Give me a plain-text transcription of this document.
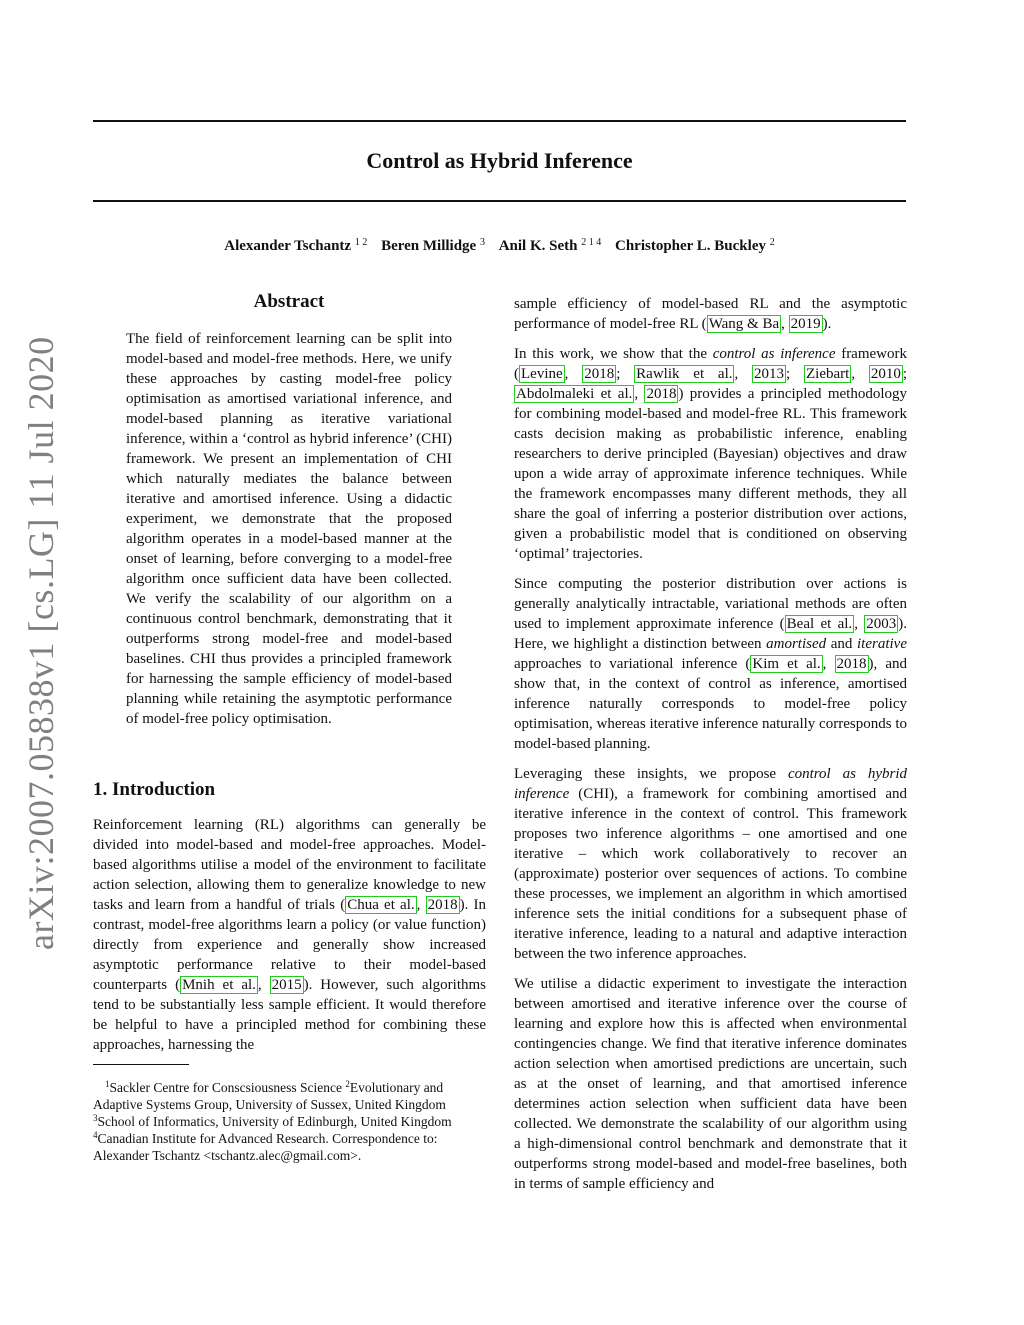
Control as Hybrid Inference
Alexander Tschantz $^{1 2}$ Beren Millidge $^3$ Anil K. Seth $^{2 1 4}$ Christopher L. Buckley $^2$
arXiv:2007.05838v1 [cs.LG] 11 Jul 2020
Abstract
The field of reinforcement learning can be split into model-based and model-free methods. Here, we unify these approaches by casting model-free policy optimisation as amortised variational inference, and model-based planning as iterative variational inference, within a ‘control as hybrid inference’ (CHI) framework. We present an implementation of CHI which naturally mediates the balance between iterative and amortised inference. Using a didactic experiment, we demonstrate that the proposed algorithm operates in a model-based manner at the onset of learning, before converging to a model-free algorithm once sufficient data have been collected. We verify the scalability of our algorithm on a continuous control benchmark, demonstrating that it outperforms strong model-free and model-based baselines. CHI thus provides a principled framework for harnessing the sample efficiency of model-based planning while retaining the asymptotic performance of model-free policy optimisation.
1. Introduction
Reinforcement learning (RL) algorithms can generally be divided into model-based and model-free approaches. Model-based algorithms utilise a model of the environment to facilitate action selection, allowing them to generalize knowledge to new tasks and learn from a handful of trials ( Chua et al. , 2018 ). In contrast, model-free algorithms learn a policy (or value function) directly from experience and generally show increased asymptotic performance relative to their model-based counterparts ( Mnih et al. , 2015 ). However, such algorithms tend to be substantially less sample efficient. It would therefore be helpful to have a principled method for combining these approaches, harnessing the
$^1$Sackler Centre for Conscsiousness Science $^2$Evolutionary and Adaptive Systems Group, University of Sussex, United Kingdom
$^3$School of Informatics, University of Edinburgh, United Kingdom
$^4$Canadian Institute for Advanced Research. Correspondence to: Alexander Tschantz <tschantz.alec@gmail.com>.

sample efficiency of model-based RL and the asymptotic performance of model-free RL ( Wang & Ba , 2019 ).

In this work, we show that the control as inference framework ( Levine , 2018 ; Rawlik et al. , 2013 ; Ziebart , 2010 ; Abdolmaleki et al. , 2018 ) provides a principled methodology for combining model-based and model-free RL. This framework casts decision making as probabilistic inference, enabling researchers to derive principled (Bayesian) objectives and draw upon a wide array of approximate inference techniques. While the framework encompasses many different methods, they all share the goal of inferring a posterior distribution over actions, given a probabilistic model that is conditioned on observing ‘optimal’ trajectories.

Since computing the posterior distribution over actions is generally analytically intractable, variational methods are often used to implement approximate inference ( Beal et al. , 2003 ). Here, we highlight a distinction between amortised and iterative approaches to variational inference ( Kim et al. , 2018 ), and show that, in the context of control as inference, amortised inference naturally corresponds to model-free policy optimisation, whereas iterative inference naturally corresponds to model-based planning.

Leveraging these insights, we propose control as hybrid inference (CHI), a framework for combining amortised and iterative inference in the context of control. This framework proposes two inference algorithms – one amortised and one iterative – which work collaboratively to recover an (approximate) posterior over sequences of actions. To combine these processes, we implement an algorithm in which amortised inference sets the initial conditions for a subsequent phase of iterative inference, leading to a natural and adaptive interaction between the two inference approaches.

We utilise a didactic experiment to investigate the interaction between amortised and iterative inference over the course of learning and explore how this is affected when environmental contingencies change. We find that iterative inference dominates action selection when amortised predictions are uncertain, such as at the onset of learning, and that amortised inference determines action selection when sufficient data have been collected. We demonstrate the scalability of our algorithm using a high-dimensional control benchmark and demonstrate that it outperforms strong model-based and model-free baselines, both in terms of sample efficiency and
